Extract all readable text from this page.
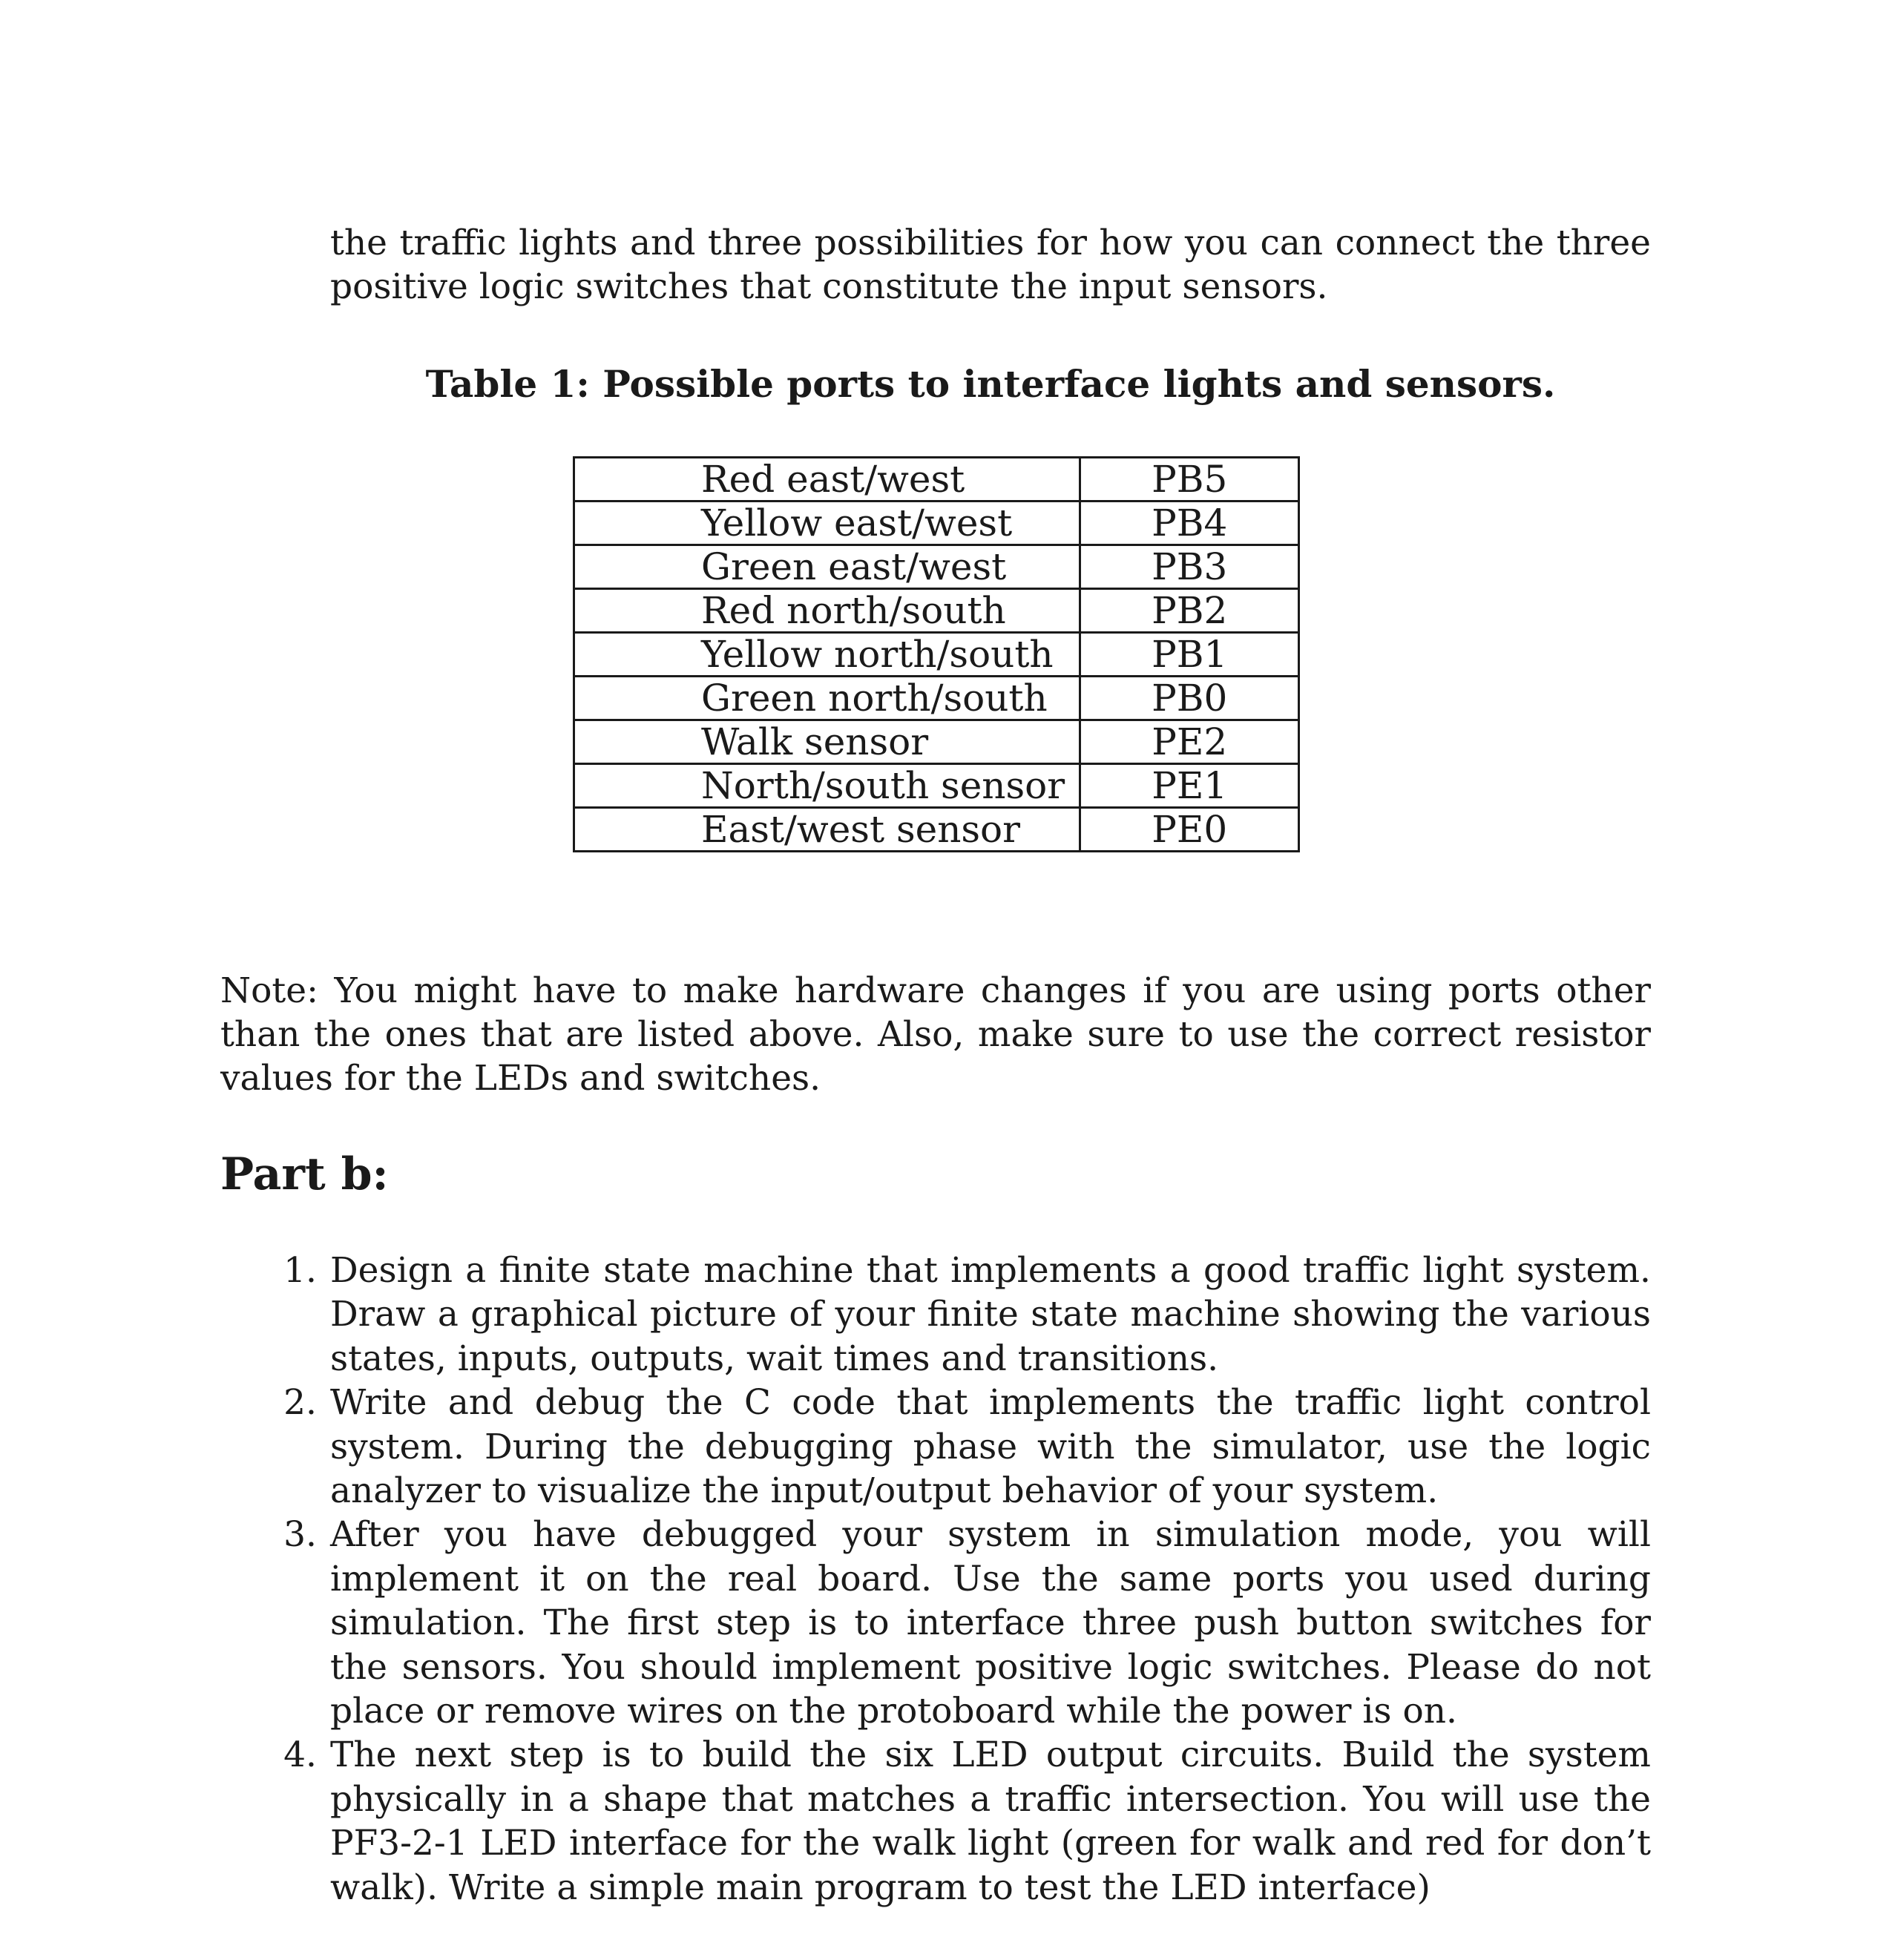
the traffic lights and three possibilities for how you can connect the three positive logic switches that constitute the input sensors.

Table 1: Possible ports to interface lights and sensors.

Red east/west	PB5
Yellow east/west	PB4
Green east/west	PB3
Red north/south	PB2
Yellow north/south	PB1
Green north/south	PB0
Walk sensor	PE2
North/south sensor	PE1
East/west sensor	PE0

Note: You might have to make hardware changes if you are using ports other than the ones that are listed above. Also, make sure to use the correct resistor values for the LEDs and switches.

Part b:
1. Design a finite state machine that implements a good traffic light system. Draw a graphical picture of your finite state machine showing the various states, inputs, outputs, wait times and transitions.
2. Write and debug the C code that implements the traffic light control system. During the debugging phase with the simulator, use the logic analyzer to visualize the input/output behavior of your system.
3. After you have debugged your system in simulation mode, you will implement it on the real board. Use the same ports you used during simulation. The first step is to interface three push button switches for the sensors. You should implement positive logic switches. Please do not place or remove wires on the protoboard while the power is on.
4. The next step is to build the six LED output circuits. Build the system physically in a shape that matches a traffic intersection. You will use the PF3-2-1 LED interface for the walk light (green for walk and red for don’t walk). Write a simple main program to test the LED interface)
